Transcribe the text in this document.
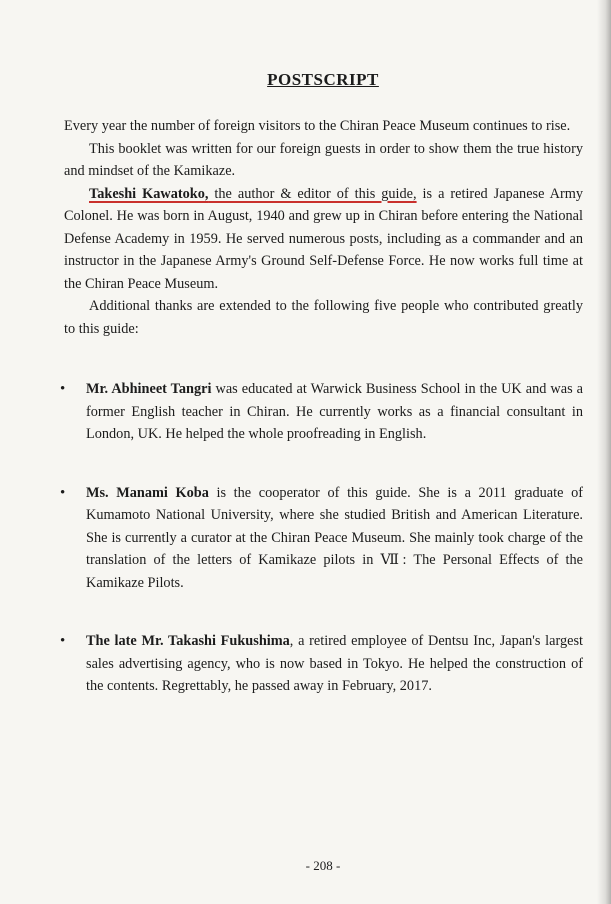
POSTSCRIPT

Every year the number of foreign visitors to the Chiran Peace Museum continues to rise.

This booklet was written for our foreign guests in order to show them the true history and mindset of the Kamikaze.

Takeshi Kawatoko, the author & editor of this guide, is a retired Japanese Army Colonel. He was born in August, 1940 and grew up in Chiran before entering the National Defense Academy in 1959. He served numerous posts, including as a commander and an instructor in the Japanese Army's Ground Self-Defense Force. He now works full time at the Chiran Peace Museum.

Additional thanks are extended to the following five people who contributed greatly to this guide:

• Mr. Abhineet Tangri was educated at Warwick Business School in the UK and was a former English teacher in Chiran. He currently works as a financial consultant in London, UK. He helped the whole proofreading in English.
• Ms. Manami Koba is the cooperator of this guide. She is a 2011 graduate of Kumamoto National University, where she studied British and American Literature. She is currently a curator at the Chiran Peace Museum. She mainly took charge of the translation of the letters of Kamikaze pilots in Ⅶ: The Personal Effects of the Kamikaze Pilots.
• The late Mr. Takashi Fukushima, a retired employee of Dentsu Inc, Japan's largest sales advertising agency, who is now based in Tokyo. He helped the construction of the contents. Regrettably, he passed away in February, 2017.
- 208 -
